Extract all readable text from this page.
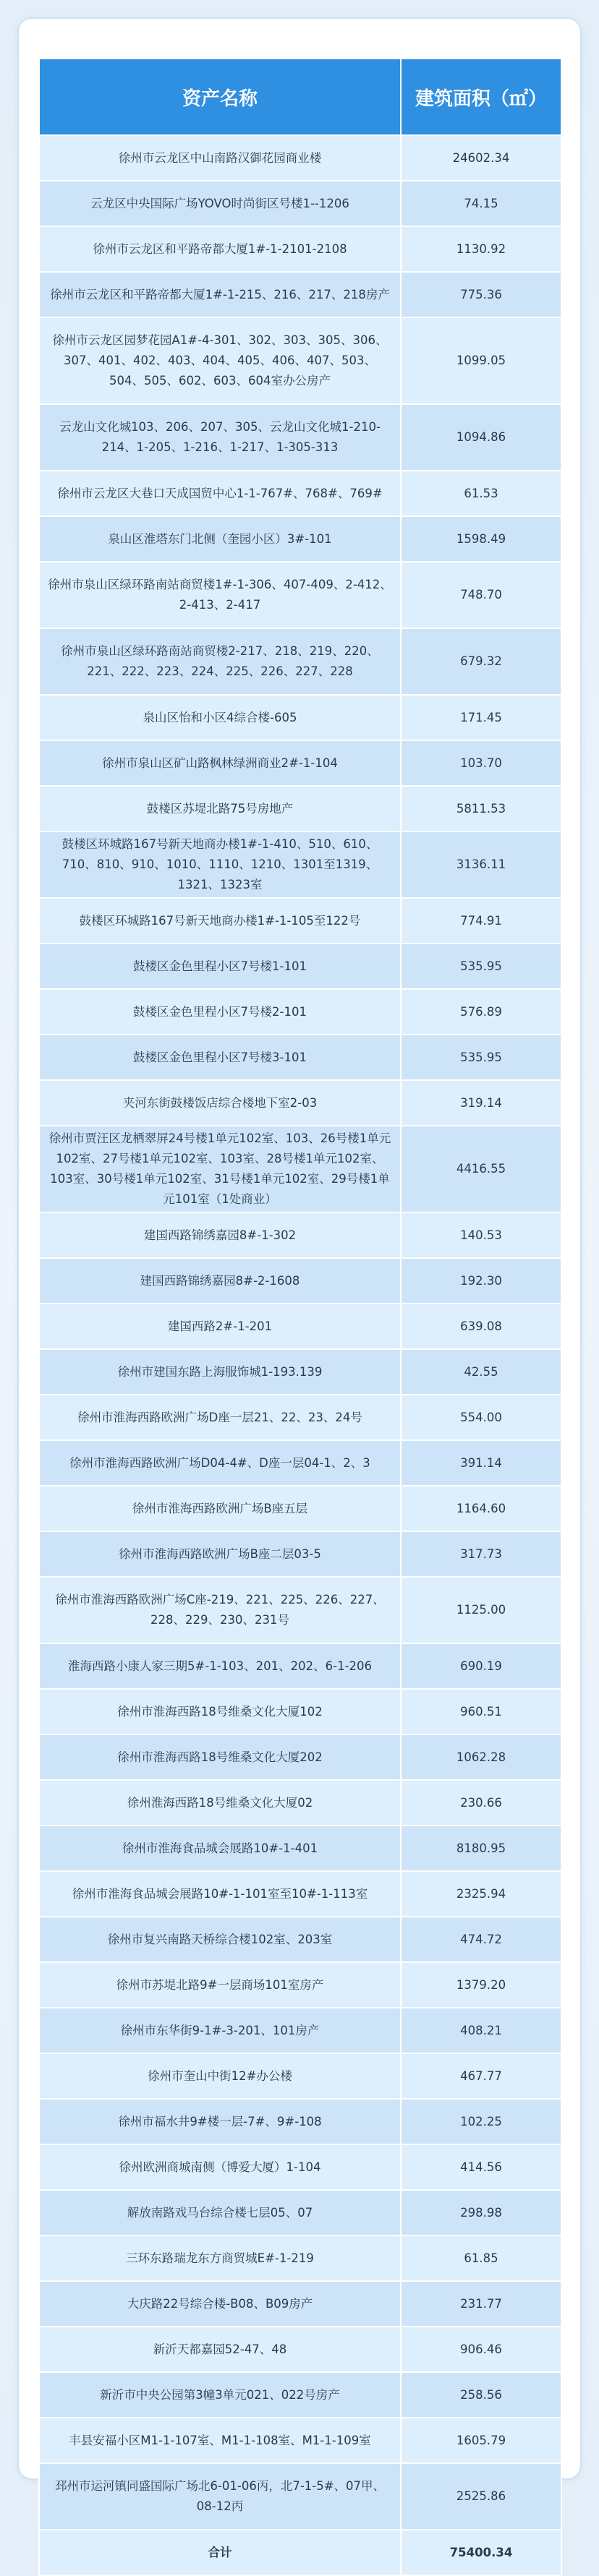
资产名称	建筑面积（㎡）
徐州市云龙区中山南路汉御花园商业楼	24602.34
云龙区中央国际广场YOVO时尚街区号楼1--1206	74.15
徐州市云龙区和平路帝都大厦1#-1-2101-2108	1130.92
徐州市云龙区和平路帝都大厦1#-1-215、216、217、218房产	775.36
徐州市云龙区园梦花园A1#-4-301、302、303、305、306、307、401、402、403、404、405、406、407、503、504、505、602、603、604室办公房产	1099.05
云龙山文化城103、206、207、305、云龙山文化城1-210-214、1-205、1-216、1-217、1-305-313	1094.86
徐州市云龙区大巷口天成国贸中心1-1-767#、768#、769#	61.53
泉山区淮塔东门北侧（奎园小区）3#-101	1598.49
徐州市泉山区绿环路南站商贸楼1#-1-306、407-409、2-412、2-413、2-417	748.70
徐州市泉山区绿环路南站商贸楼2-217、218、219、220、221、222、223、224、225、226、227、228	679.32
泉山区怡和小区4综合楼-605	171.45
徐州市泉山区矿山路枫林绿洲商业2#-1-104	103.70
鼓楼区苏堤北路75号房地产	5811.53
鼓楼区环城路167号新天地商办楼1#-1-410、510、610、710、810、910、1010、1110、1210、1301至1319、1321、1323室	3136.11
鼓楼区环城路167号新天地商办楼1#-1-105至122号	774.91
鼓楼区金色里程小区7号楼1-101	535.95
鼓楼区金色里程小区7号楼2-101	576.89
鼓楼区金色里程小区7号楼3-101	535.95
夹河东街鼓楼饭店综合楼地下室2-03	319.14
徐州市贾汪区龙栖翠屏24号楼1单元102室、103、26号楼1单元102室、27号楼1单元102室、103室、28号楼1单元102室、103室、30号楼1单元102室、31号楼1单元102室、29号楼1单元101室（1处商业）	4416.55
建国西路锦绣嘉园8#-1-302	140.53
建国西路锦绣嘉园8#-2-1608	192.30
建国西路2#-1-201	639.08
徐州市建国东路上海服饰城1-193.139	42.55
徐州市淮海西路欧洲广场D座一层21、22、23、24号	554.00
徐州市淮海西路欧洲广场D04-4#、D座一层04-1、2、3	391.14
徐州市淮海西路欧洲广场B座五层	1164.60
徐州市淮海西路欧洲广场B座二层03-5	317.73
徐州市淮海西路欧洲广场C座-219、221、225、226、227、228、229、230、231号	1125.00
淮海西路小康人家三期5#-1-103、201、202、6-1-206	690.19
徐州市淮海西路18号维桑文化大厦102	960.51
徐州市淮海西路18号维桑文化大厦202	1062.28
徐州淮海西路18号维桑文化大厦02	230.66
徐州市淮海食品城会展路10#-1-401	8180.95
徐州市淮海食品城会展路10#-1-101室至10#-1-113室	2325.94
徐州市复兴南路天桥综合楼102室、203室	474.72
徐州市苏堤北路9#一层商场101室房产	1379.20
徐州市东华街9-1#-3-201、101房产	408.21
徐州市奎山中街12#办公楼	467.77
徐州市福水井9#楼一层-7#、9#-108	102.25
徐州欧洲商城南侧（博爱大厦）1-104	414.56
解放南路戏马台综合楼七层05、07	298.98
三环东路瑞龙东方商贸城E#-1-219	61.85
大庆路22号综合楼-B08、B09房产	231.77
新沂天都嘉园52-47、48	906.46
新沂市中央公园第3幢3单元021、022号房产	258.56
丰县安福小区M1-1-107室、M1-1-108室、M1-1-109室	1605.79
邳州市运河镇同盛国际广场北6-01-06丙，北7-1-5#、07甲、08-12丙	2525.86
合计	75400.34
